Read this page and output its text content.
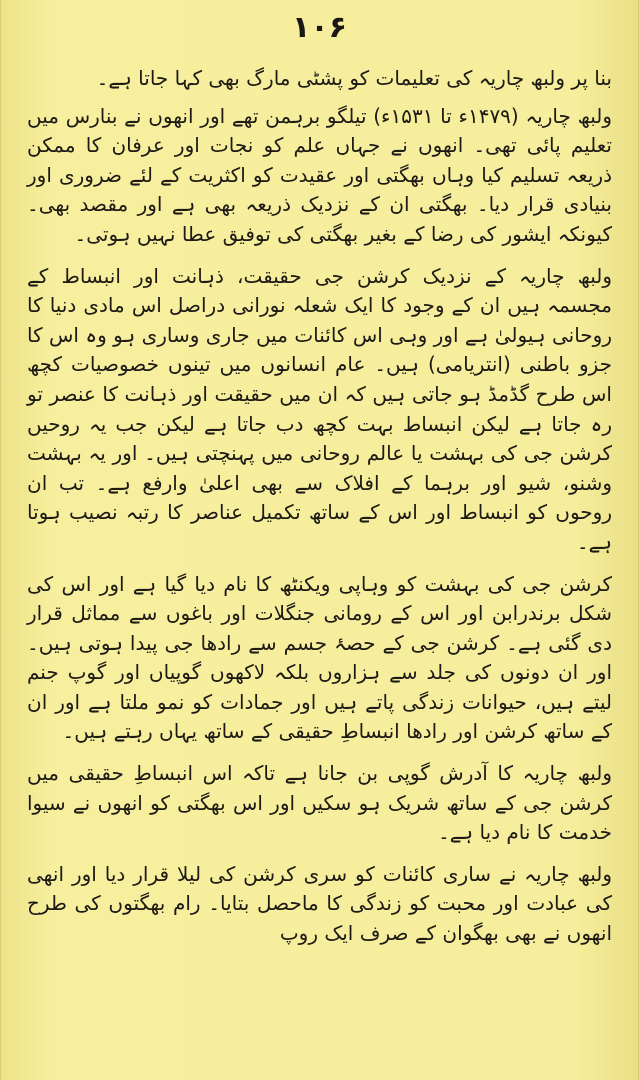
۱۰۶

بنا پر ولبھ چاریہ کی تعلیمات کو پشٹی مارگ بھی کہا جاتا ہے۔

ولبھ چاریہ (۱۴۷۹ء تا ۱۵۳۱ء) تیلگو برہمن تھے اور انھوں نے بنارس میں تعلیم پائی تھی۔ انھوں نے جہاں علم کو نجات اور عرفان کا ممکن ذریعہ تسلیم کیا وہاں بھگتی اور عقیدت کو اکثریت کے لئے ضروری اور بنیادی قرار دیا۔ بھگتی ان کے نزدیک ذریعہ بھی ہے اور مقصد بھی۔ کیونکہ ایشور کی رضا کے بغیر بھگتی کی توفیق عطا نہیں ہوتی۔

ولبھ چاریہ کے نزدیک کرشن جی حقیقت، ذہانت اور انبساط کے مجسمہ ہیں ان کے وجود کا ایک شعلہ نورانی دراصل اس مادی دنیا کا روحانی ہیولیٰ ہے اور وہی اس کائنات میں جاری وساری ہو وہ اس کا جزو باطنی (انتریامی) ہیں۔ عام انسانوں میں تینوں خصوصیات کچھ اس طرح گڈمڈ ہو جاتی ہیں کہ ان میں حقیقت اور ذہانت کا عنصر تو رہ جاتا ہے لیکن انبساط بہت کچھ دب جاتا ہے لیکن جب یہ روحیں کرشن جی کی بہشت یا عالم روحانی میں پہنچتی ہیں۔ اور یہ بہشت وشنو، شیو اور برہما کے افلاک سے بھی اعلیٰ وارفع ہے۔ تب ان روحوں کو انبساط اور اس کے ساتھ تکمیل عناصر کا رتبہ نصیب ہوتا ہے۔

کرشن جی کی بہشت کو وہاپی ویکنٹھ کا نام دیا گیا ہے اور اس کی شکل برندرابن اور اس کے رومانی جنگلات اور باغوں سے مماثل قرار دی گئی ہے۔ کرشن جی کے حصۂ جسم سے رادھا جی پیدا ہوتی ہیں۔ اور ان دونوں کی جلد سے ہزاروں بلکہ لاکھوں گوپیاں اور گوپ جنم لیتے ہیں، حیوانات زندگی پاتے ہیں اور جمادات کو نمو ملتا ہے اور ان کے ساتھ کرشن اور رادھا انبساطِ حقیقی کے ساتھ یہاں رہتے ہیں۔

ولبھ چاریہ کا آدرش گوپی بن جانا ہے تاکہ اس انبساطِ حقیقی میں کرشن جی کے ساتھ شریک ہو سکیں اور اس بھگتی کو انھوں نے سیوا خدمت کا نام دیا ہے۔

ولبھ چاریہ نے ساری کائنات کو سری کرشن کی لیلا قرار دیا اور انھی کی عبادت اور محبت کو زندگی کا ماحصل بتایا۔ رام بھگتوں کی طرح انھوں نے بھی بھگوان کے صرف ایک روپ
